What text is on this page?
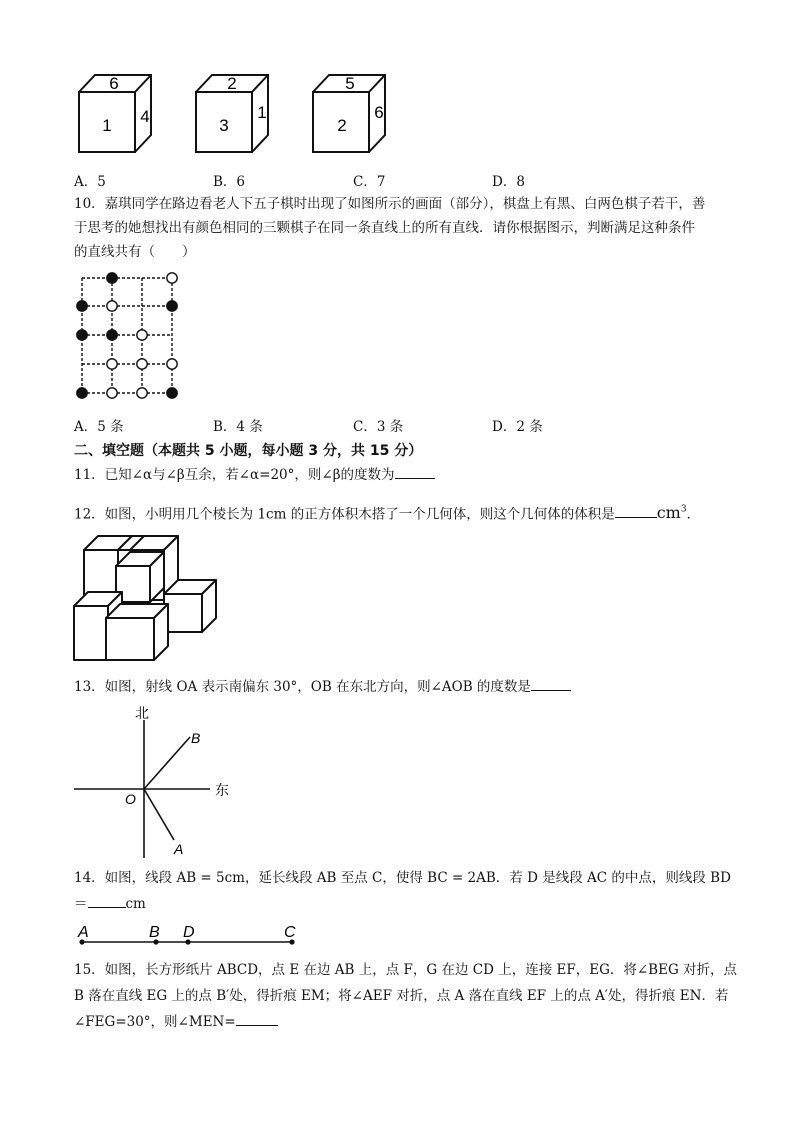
6
1 4
2
3
1
5
2
6
A．5	B．6	C．7	D．8
10．嘉琪同学在路边看老人下五子棋时出现了如图所示的画面（部分），棋盘上有黑、白两色棋子若干，善
于思考的她想找出有颜色相同的三颗棋子在同一条直线上的所有直线．请你根据图示，判断满足这种条件
的直线共有（　　）
A．5 条	B．4 条	C．3 条	D．2 条
二、填空题（本题共 5 小题，每小题 3 分，共 15 分）
11．已知∠α与∠β互余，若∠α=20°，则∠β的度数为
12．如图，小明用几个棱长为 1cm 的正方体积木搭了一个几何体，则这个几何体的体积是	$cm^3$．
13．如图，射线 OA 表示南偏东 30°，OB 在东北方向，则∠AOB 的度数是
北
东
O
B
A
14．如图，线段 AB = 5cm，延长线段 AB 至点 C，使得 BC = 2AB．若 D 是线段 AC 的中点，则线段 BD
＝	cm
A	B D	C
15．如图，长方形纸片 ABCD，点 E 在边 AB 上，点 F，G 在边 CD 上，连接 EF，EG．将∠BEG 对折，点
B 落在直线 EG 上的点 B′处，得折痕 EM；将∠AEF 对折，点 A 落在直线 EF 上的点 A′处，得折痕 EN．若
∠FEG=30°，则∠MEN=
